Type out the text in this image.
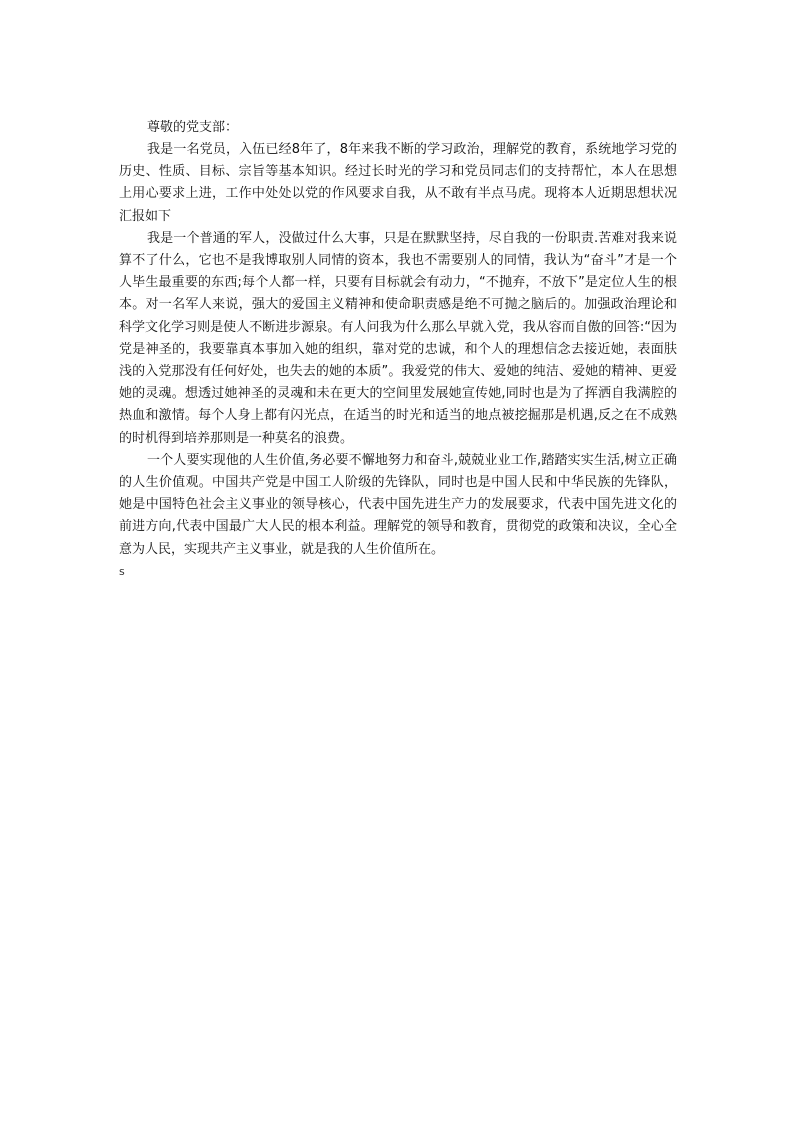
尊敬的党支部：

我是一名党员，入伍已经8年了，8年来我不断的学习政治，理解党的教育，系统地学习党的历史、性质、目标、宗旨等基本知识。经过长时光的学习和党员同志们的支持帮忙，本人在思想上用心要求上进，工作中处处以党的作风要求自我，从不敢有半点马虎。现将本人近期思想状况汇报如下

我是一个普通的军人，没做过什么大事，只是在默默坚持，尽自我的一份职责.苦难对我来说算不了什么，它也不是我博取别人同情的资本，我也不需要别人的同情，我认为“奋斗”才是一个人毕生最重要的东西;每个人都一样，只要有目标就会有动力，“不抛弃，不放下”是定位人生的根本。对一名军人来说，强大的爱国主义精神和使命职责感是绝不可抛之脑后的。加强政治理论和科学文化学习则是使人不断进步源泉。有人问我为什么那么早就入党，我从容而自傲的回答:“因为党是神圣的，我要靠真本事加入她的组织，靠对党的忠诚，和个人的理想信念去接近她，表面肤浅的入党那没有任何好处，也失去的她的本质”。我爱党的伟大、爱她的纯洁、爱她的精神、更爱她的灵魂。想透过她神圣的灵魂和未在更大的空间里发展她宣传她,同时也是为了挥洒自我满腔的热血和激情。每个人身上都有闪光点，在适当的时光和适当的地点被挖掘那是机遇,反之在不成熟的时机得到培养那则是一种莫名的浪费。

一个人要实现他的人生价值,务必要不懈地努力和奋斗,兢兢业业工作,踏踏实实生活,树立正确的人生价值观。中国共产党是中国工人阶级的先锋队，同时也是中国人民和中华民族的先锋队，她是中国特色社会主义事业的领导核心，代表中国先进生产力的发展要求，代表中国先进文化的前进方向,代表中国最广大人民的根本利益。理解党的领导和教育，贯彻党的政策和决议，全心全意为人民，实现共产主义事业，就是我的人生价值所在。

s
